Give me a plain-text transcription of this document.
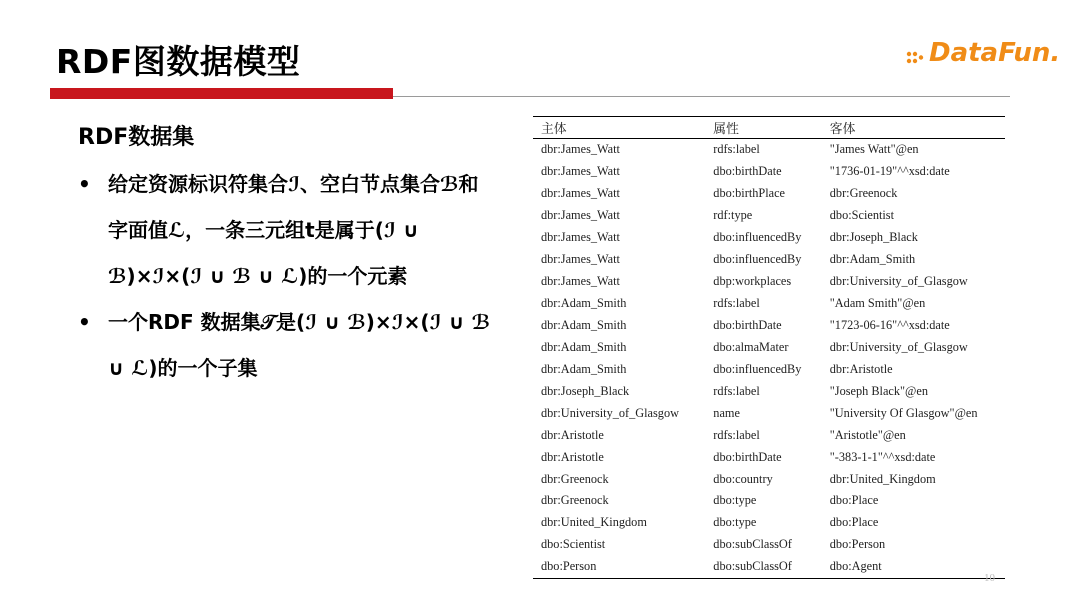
RDF图数据模型	DataFun.
RDF数据集
• 给定资源标识符集合ℐ、空白节点集合ℬ和字面值ℒ，一条三元组t是属于(ℐ ∪ ℬ)×ℐ×(ℐ ∪ ℬ ∪ ℒ)的一个元素
• 一个RDF 数据集𝒯是(ℐ ∪ ℬ)×ℐ×(ℐ ∪ ℬ ∪ ℒ)的一个子集
主体	属性	客体
dbr:James_Watt	rdfs:label	"James Watt"@en
dbr:James_Watt	dbo:birthDate	"1736-01-19"^^xsd:date
dbr:James_Watt	dbo:birthPlace	dbr:Greenock
dbr:James_Watt	rdf:type	dbo:Scientist
dbr:James_Watt	dbo:influencedBy	dbr:Joseph_Black
dbr:James_Watt	dbo:influencedBy	dbr:Adam_Smith
dbr:James_Watt	dbp:workplaces	dbr:University_of_Glasgow
dbr:Adam_Smith	rdfs:label	"Adam Smith"@en
dbr:Adam_Smith	dbo:birthDate	"1723-06-16"^^xsd:date
dbr:Adam_Smith	dbo:almaMater	dbr:University_of_Glasgow
dbr:Adam_Smith	dbo:influencedBy	dbr:Aristotle
dbr:Joseph_Black	rdfs:label	"Joseph Black"@en
dbr:University_of_Glasgow	name	"University Of Glasgow"@en
dbr:Aristotle	rdfs:label	"Aristotle"@en
dbr:Aristotle	dbo:birthDate	"-383-1-1"^^xsd:date
dbr:Greenock	dbo:country	dbr:United_Kingdom
dbr:Greenock	dbo:type	dbo:Place
dbr:United_Kingdom	dbo:type	dbo:Place
dbo:Scientist	dbo:subClassOf	dbo:Person
dbo:Person	dbo:subClassOf	dbo:Agent
10
